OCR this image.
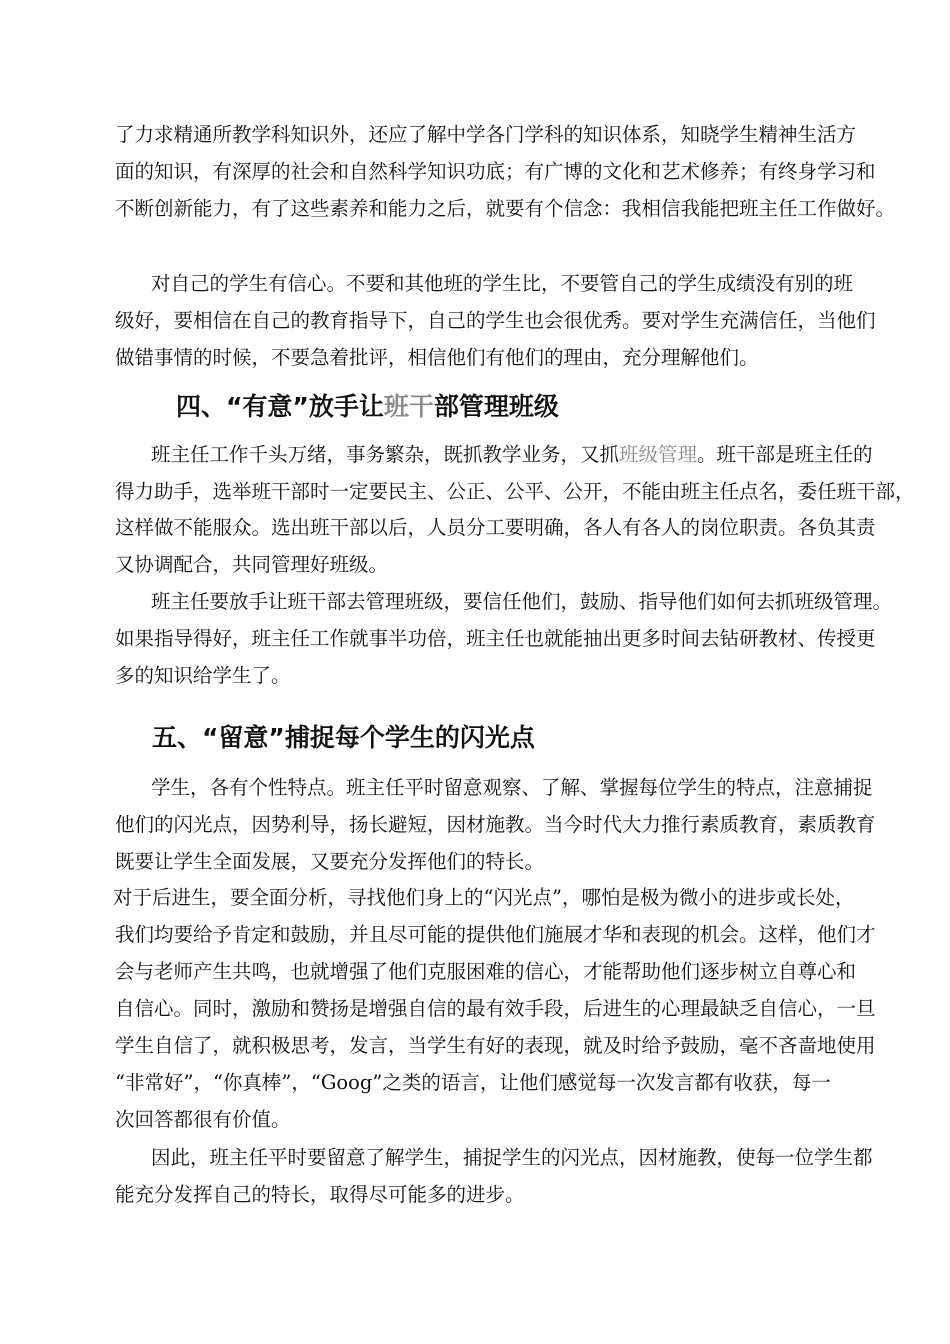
了力求精通所教学科知识外，还应了解中学各门学科的知识体系，知晓学生精神生活方
面的知识，有深厚的社会和自然科学知识功底；有广博的文化和艺术修养；有终身学习和
不断创新能力，有了这些素养和能力之后，就要有个信念：我相信我能把班主任工作做好。
对自己的学生有信心。不要和其他班的学生比，不要管自己的学生成绩没有别的班
级好，要相信在自己的教育指导下，自己的学生也会很优秀。要对学生充满信任，当他们
做错事情的时候，不要急着批评，相信他们有他们的理由，充分理解他们。
四、“有意”放手让班干部管理班级
班主任工作千头万绪，事务繁杂，既抓教学业务，又抓班级管理。班干部是班主任的
得力助手，选举班干部时一定要民主、公正、公平、公开，不能由班主任点名，委任班干部，
这样做不能服众。选出班干部以后，人员分工要明确，各人有各人的岗位职责。各负其责
又协调配合，共同管理好班级。
班主任要放手让班干部去管理班级，要信任他们，鼓励、指导他们如何去抓班级管理。
如果指导得好，班主任工作就事半功倍，班主任也就能抽出更多时间去钻研教材、传授更
多的知识给学生了。
五、“留意”捕捉每个学生的闪光点
学生，各有个性特点。班主任平时留意观察、了解、掌握每位学生的特点，注意捕捉
他们的闪光点，因势利导，扬长避短，因材施教。当今时代大力推行素质教育，素质教育
既要让学生全面发展，又要充分发挥他们的特长。
对于后进生，要全面分析，寻找他们身上的“闪光点”，哪怕是极为微小的进步或长处，
我们均要给予肯定和鼓励，并且尽可能的提供他们施展才华和表现的机会。这样，他们才
会与老师产生共鸣，也就增强了他们克服困难的信心，才能帮助他们逐步树立自尊心和
自信心。同时，激励和赞扬是增强自信的最有效手段，后进生的心理最缺乏自信心，一旦
学生自信了，就积极思考，发言，当学生有好的表现，就及时给予鼓励，毫不吝啬地使用
“非常好”，“你真棒”，“Goog”之类的语言，让他们感觉每一次发言都有收获，每一
次回答都很有价值。
因此，班主任平时要留意了解学生，捕捉学生的闪光点，因材施教，使每一位学生都
能充分发挥自己的特长，取得尽可能多的进步。
